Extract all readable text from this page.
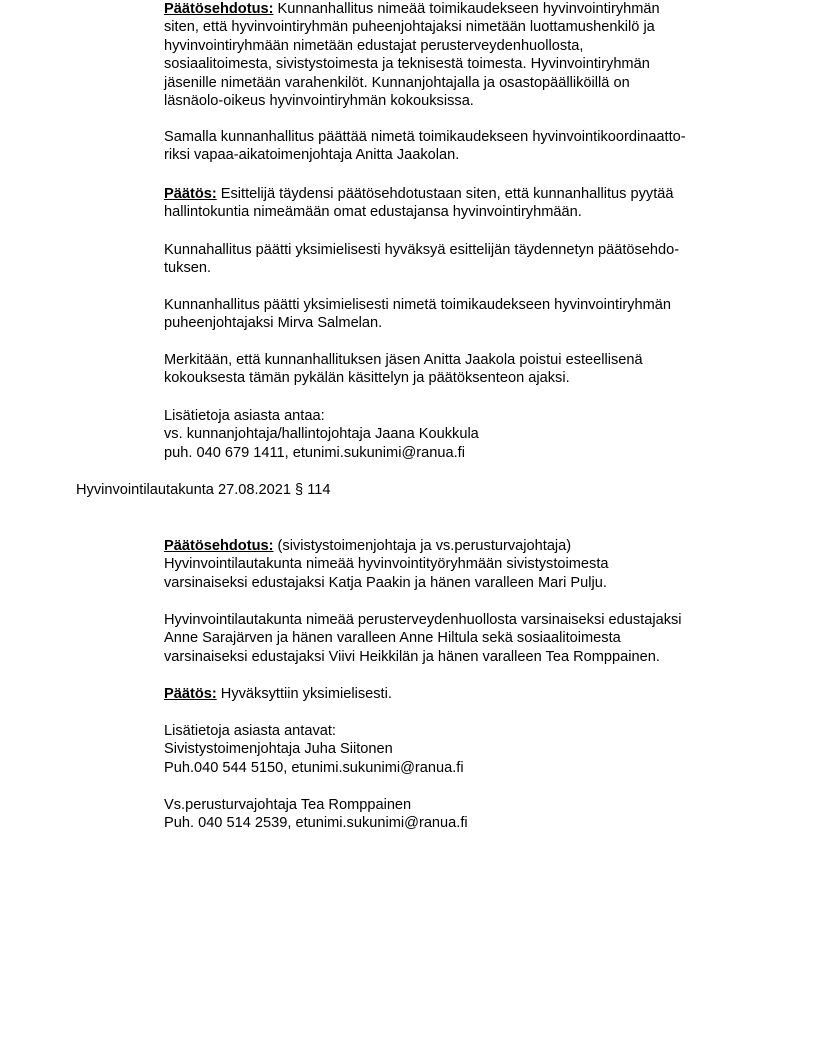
Päätösehdotus: Kunnanhallitus nimeää toimikaudekseen hyvinvointiryhmän
siten, että hyvinvointiryhmän puheenjohtajaksi nimetään luottamushenkilö ja
hyvinvointiryhmään nimetään edustajat perusterveydenhuollosta,
sosiaalitoimesta, sivistystoimesta ja teknisestä toimesta. Hyvinvointiryhmän
jäsenille nimetään varahenkilöt. Kunnanjohtajalla ja osastopäälliköillä on
läsnäolo-oikeus hyvinvointiryhmän kokouksissa.

Samalla kunnanhallitus päättää nimetä toimikaudekseen hyvinvointikoordinaatto-
riksi vapaa-aikatoimenjohtaja Anitta Jaakolan.

Päätös: Esittelijä täydensi päätösehdotustaan siten, että kunnanhallitus pyytää
hallintokuntia nimeämään omat edustajansa hyvinvointiryhmään.

Kunnahallitus päätti yksimielisesti hyväksyä esittelijän täydennetyn päätösehdo-
tuksen.

Kunnanhallitus päätti yksimielisesti nimetä toimikaudekseen hyvinvointiryhmän
puheenjohtajaksi Mirva Salmelan.

Merkitään, että kunnanhallituksen jäsen Anitta Jaakola poistui esteellisenä
kokouksesta tämän pykälän käsittelyn ja päätöksenteon ajaksi.

Lisätietoja asiasta antaa:
vs. kunnanjohtaja/hallintojohtaja Jaana Koukkula
puh. 040 679 1411, etunimi.sukunimi@ranua.fi

Hyvinvointilautakunta 27.08.2021 § 114

Päätösehdotus: (sivistystoimenjohtaja ja vs.perusturvajohtaja)
Hyvinvointilautakunta nimeää hyvinvointityöryhmään sivistystoimesta
varsinaiseksi edustajaksi Katja Paakin ja hänen varalleen Mari Pulju.

Hyvinvointilautakunta nimeää perusterveydenhuollosta varsinaiseksi edustajaksi
Anne Sarajärven ja hänen varalleen Anne Hiltula sekä sosiaalitoimesta
varsinaiseksi edustajaksi Viivi Heikkilän ja hänen varalleen Tea Romppainen.

Päätös: Hyväksyttiin yksimielisesti.

Lisätietoja asiasta antavat:
Sivistystoimenjohtaja Juha Siitonen
Puh.040 544 5150, etunimi.sukunimi@ranua.fi

Vs.perusturvajohtaja Tea Romppainen
Puh. 040 514 2539, etunimi.sukunimi@ranua.fi
